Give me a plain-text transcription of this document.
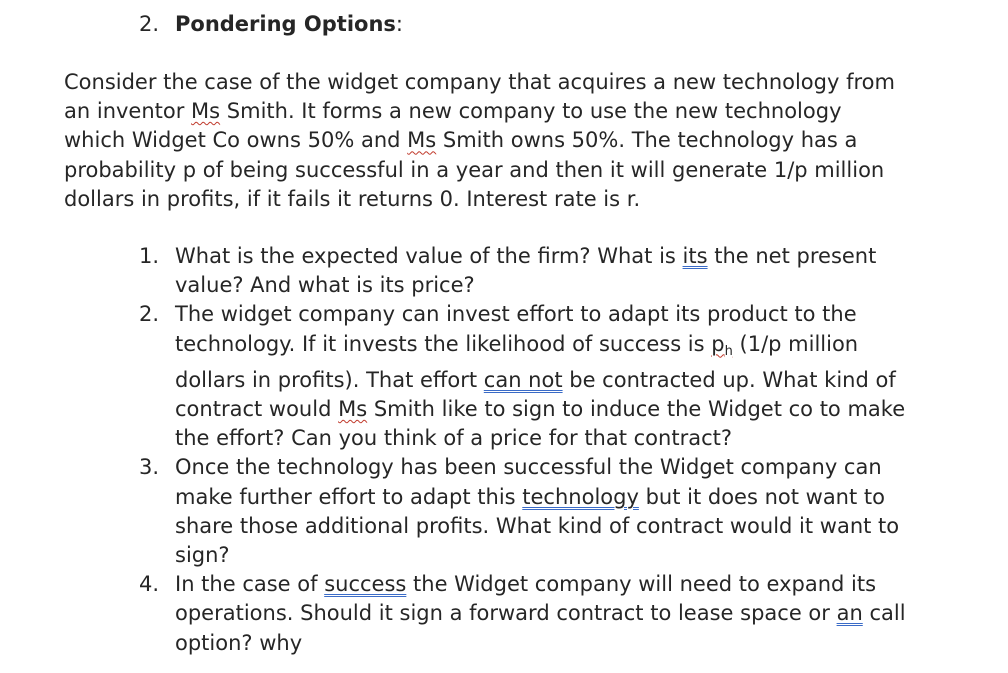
2. Pondering Options:
Consider the case of the widget company that acquires a new technology from
an inventor Ms Smith. It forms a new company to use the new technology
which Widget Co owns 50% and Ms Smith owns 50%. The technology has a
probability p of being successful in a year and then it will generate 1/p million
dollars in profits, if it fails it returns 0. Interest rate is r.
1. What is the expected value of the firm? What is its the net present
value? And what is its price?
2. The widget company can invest effort to adapt its product to the
technology. If it invests the likelihood of success is $p_h$ (1/p million
dollars in profits). That effort can not be contracted up. What kind of
contract would Ms Smith like to sign to induce the Widget co to make
the effort? Can you think of a price for that contract?
3. Once the technology has been successful the Widget company can
make further effort to adapt this technology but it does not want to
share those additional profits. What kind of contract would it want to
sign?
4. In the case of success the Widget company will need to expand its
operations. Should it sign a forward contract to lease space or an call
option? why
